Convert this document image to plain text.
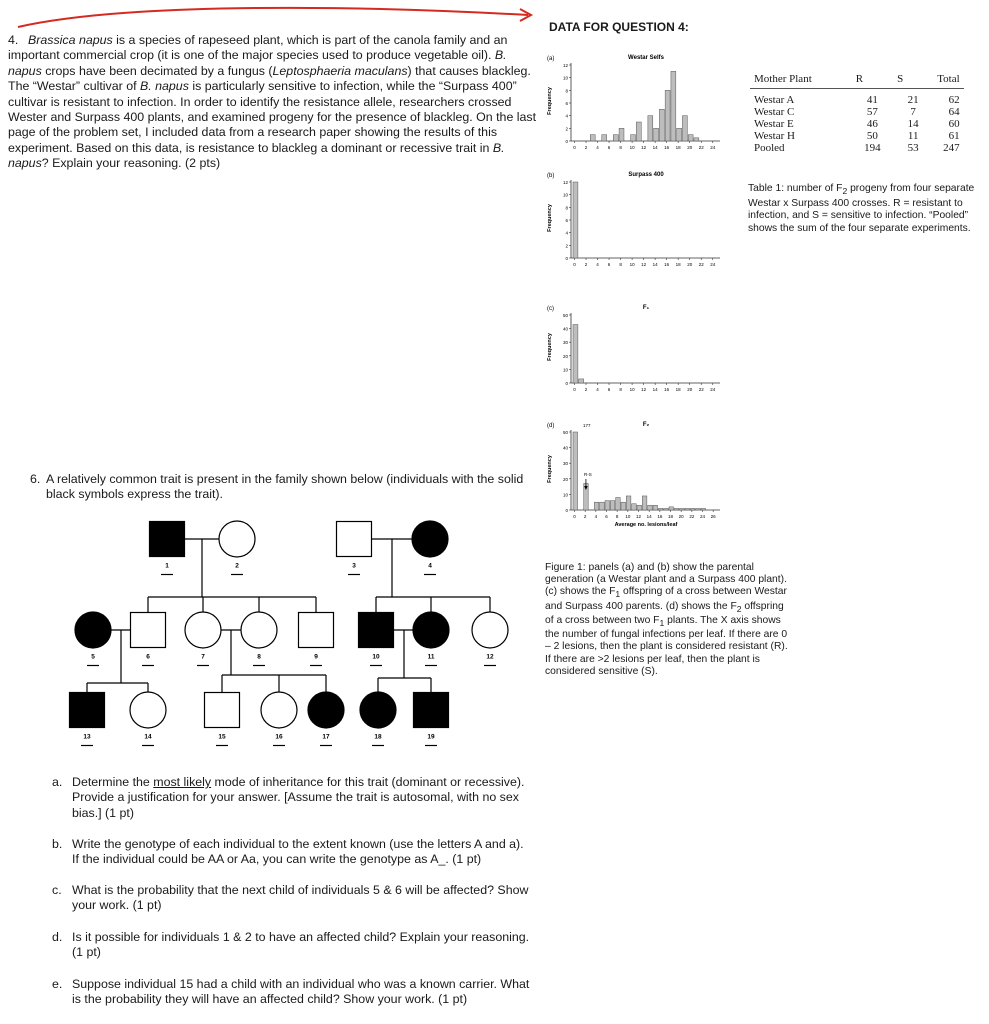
4. Brassica napus is a species of rapeseed plant, which is part of the canola family and an important commercial crop (it is one of the major species used to produce vegetable oil). B. napus crops have been decimated by a fungus (Leptosphaeria maculans) that causes blackleg. The “Westar” cultivar of B. napus is particularly sensitive to infection, while the “Surpass 400” cultivar is resistant to infection. In order to identify the resistance allele, researchers crossed Wester and Surpass 400 plants, and examined progeny for the presence of blackleg. On the last page of the problem set, I included data from a research paper showing the results of this experiment. Based on this data, is resistance to blackleg a dominant or recessive trait in B. napus? Explain your reasoning. (2 pts)

6. A relatively common trait is present in the family shown below (individuals with the solid black symbols express the trait).

1	2	3	4
5	6	7	8	9	10	11	12
13	14	15	16	17	18	19
a. Determine the most likely mode of inheritance for this trait (dominant or recessive). Provide a justification for your answer. [Assume the trait is autosomal, with no sex bias.] (1 pt)
b. Write the genotype of each individual to the extent known (use the letters A and a). If the individual could be AA or Aa, you can write the genotype as A_. (1 pt)
c. What is the probability that the next child of individuals 5 & 6 will be affected? Show your work. (1 pt)
d. Is it possible for individuals 1 & 2 to have an affected child? Explain your reasoning. (1 pt)
e. Suppose individual 15 had a child with an individual who was a known carrier. What is the probability they will have an affected child? Show your work. (1 pt)
DATA FOR QUESTION 4:
(a)	Westar Selfs
Frequency
0
2
4
6
8
10
12
0 2 4 6 8 10 12 14 16 18 20 22 24
(b)	Surpass 400
Frequency
0
2
4
6
8
10
12
0 2 4 6 8 10 12 14 16 18 20 22 24
(c)	F₁
Frequency
0
10
20
30
40
50
0 2 4 6 8 10 12 14 16 18 20 22 24
(d)	F₂
Frequency
0
10
20
30
40
50
0 2 4 6 8 10 12 14 16 18 20 22 24 26
Average no. lesions/leaf
177
R-S
Mother Plant	R	S	Total
Westar A	41	21	62
Westar C	57	7	64
Westar E	46	14	60
Westar H	50	11	61
Pooled	194	53	247
Table 1: number of $F_2$ progeny from four separate Westar x Surpass 400 crosses. R = resistant to infection, and S = sensitive to infection. “Pooled” shows the sum of the four separate experiments.
Figure 1: panels (a) and (b) show the parental generation (a Westar plant and a Surpass 400 plant). (c) shows the $F_1$ offspring of a cross between Westar and Surpass 400 parents. (d) shows the $F_2$ offspring of a cross between two $F_1$ plants. The X axis shows the number of fungal infections per leaf. If there are 0 – 2 lesions, then the plant is considered resistant (R). If there are >2 lesions per leaf, then the plant is considered sensitive (S).
